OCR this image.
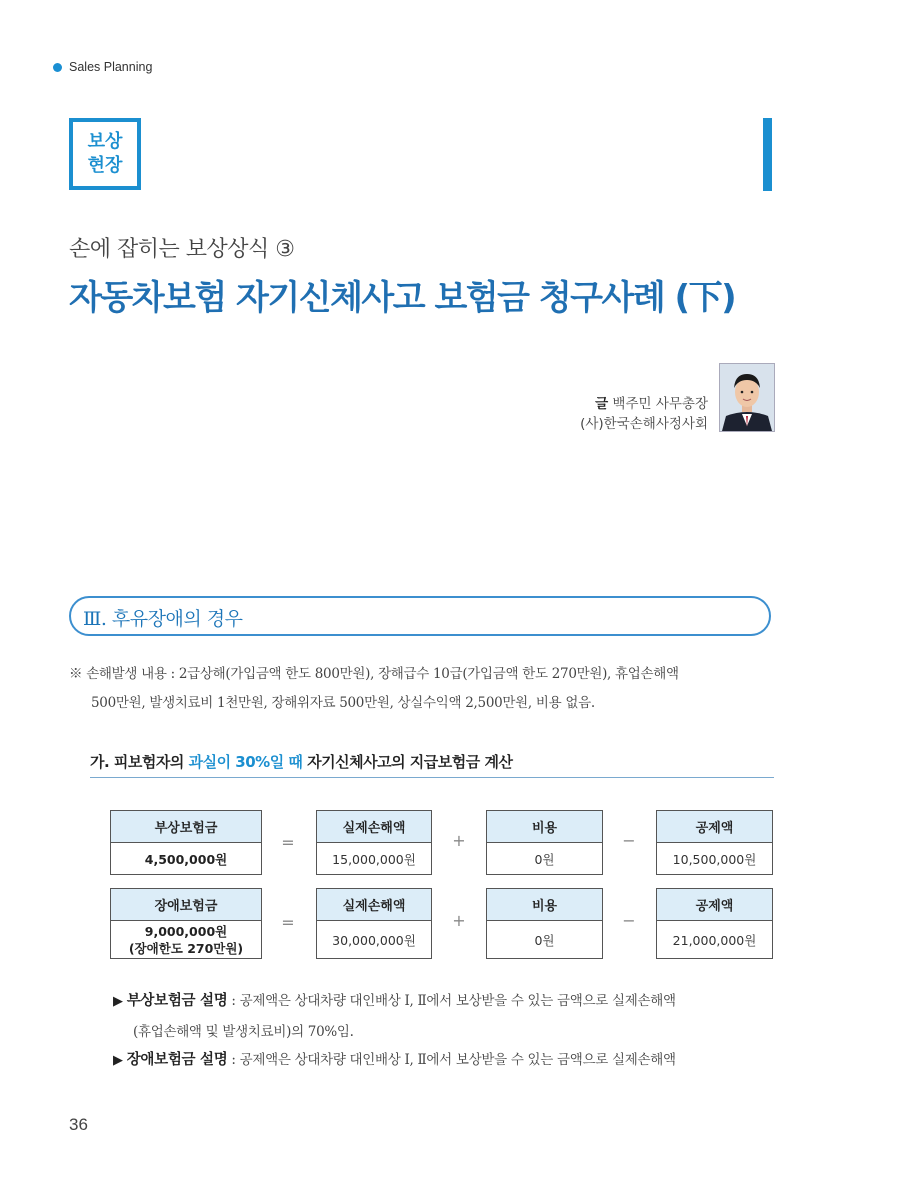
Sales Planning
보상
현장
손에 잡히는 보상상식 ③
자동차보험 자기신체사고 보험금 청구사례 (下)
글 백주민 사무총장
(사)한국손해사정사회
Ⅲ. 후유장애의 경우
※ 손해발생 내용 : 2급상해(가입금액 한도 800만원), 장해급수 10급(가입금액 한도 270만원), 휴업손해액
500만원, 발생치료비 1천만원, 장해위자료 500만원, 상실수익액 2,500만원, 비용 없음.
가. 피보험자의 과실이 30%일 때 자기신체사고의 지급보험금 계산
부상보험금
4,500,000원
=
실제손해액
15,000,000원
+
비용
0원
−
공제액
10,500,000원
장애보험금
9,000,000원
(장애한도 270만원)
=
실제손해액
30,000,000원
+
비용
0원
−
공제액
21,000,000원
▶ 부상보험금 설명 : 공제액은 상대차량 대인배상 Ⅰ, Ⅱ에서 보상받을 수 있는 금액으로 실제손해액
(휴업손해액 및 발생치료비)의 70%임.
▶ 장애보험금 설명 : 공제액은 상대차량 대인배상 Ⅰ, Ⅱ에서 보상받을 수 있는 금액으로 실제손해액
36
